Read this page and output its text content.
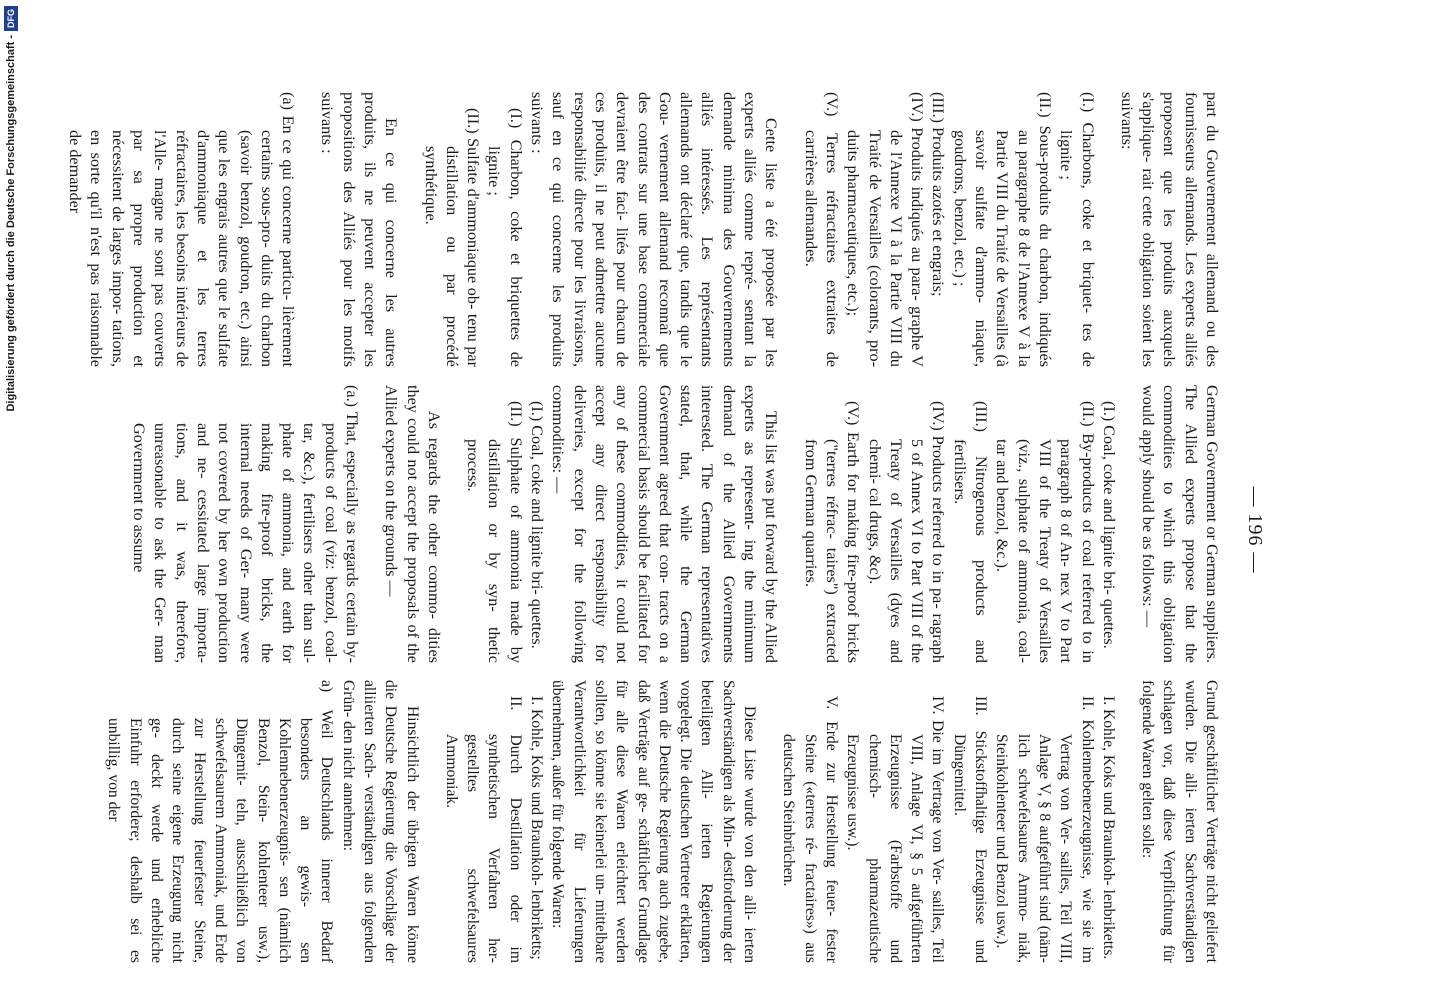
— 196 —

part du Gouvernement allemand ou des fournisseurs allemands. Les experts alliés proposent que les produits auxquels s'applique- rait cette obligation soient les suivants:

(I.) Charbons, coke et briquet- tes de lignite ;

(II.) Sous-produits du charbon, indiqués au paragraphe 8 de l'Annexe V à la Partie VIII du Traité de Versailles (à savoir sulfate d'ammo- niaque, goudrons, benzol, etc.) ;

(III.) Produits azotés et engrais;

(IV.) Produits indiqués au para- graphe V de l'Annexe VI à la Partie VIII du Traité de Versailles (colorants, pro- duits pharmaceutiques, etc.);

(V.) Terres réfractaires extraites de carrières allemandes.

Cette liste a été proposée par les experts alliés comme repré- sentant la demande minima des Gouvernements alliés intéressés. Les représentants allemands ont déclaré que, tandis que le Gou- vernement allemand reconnaî que des contrats sur une base commerciale devraient être faci- lités pour chacun de ces produits, il ne peut admettre aucune responsabilité directe pour les livraisons, sauf en ce qui concerne les produits suivants :

(I.) Charbon, coke et briquettes de lignite ;

(II.) Sulfate d'ammoniaque ob- tenu par distillation ou par procédé synthétique.

En ce qui concerne les autres produits, ils ne peuvent accepter les propositions des Alliés pour les motifs suivants :

(a) En ce qui concerne particu- lièrement certains sous-pro- duits du charbon (savoir benzol, goudron, etc.) ainsi que les engrais autres que le sulfate d'ammoniaque et les terres réfractaires, les besoins intérieurs de l'Alle- magne ne sont pas couverts par sa propre production et nécessitent de larges impor- tations, en sorte qu'il n'est pas raisonnable de demander

German Government or German suppliers. The Allied experts propose that the commodities to which this obligation would apply should be as follows: —

(I.) Coal, coke and lignite bri- quettes.

(II.) By-products of coal referred to in paragraph 8 of An- nex V to Part VIII of the Treaty of Versailles (viz., sulphate of ammonia, coal- tar and benzol, &c.).

(III.) Nitrogenous products and fertilisers.

(IV.) Products referred to in pa- ragraph 5 of Annex VI to Part VIII of the Treaty of Versailles (dyes and chemi- cal drugs, &c).

(V.) Earth for making fire-proof bricks ("terres réfrac- taires") extracted from German quarries.

This list was put forward by the Allied experts as represent- ing the minimum demand of the Allied Governments interested. The German representatives stated, that, while the German Government agreed that con- tracts on a commercial basis should be facilitated for any of these commodities, it could not accept any direct responsibility for deliveries, except for the following commodities: —

(I.) Coal, coke and lignite bri- quettes.

(II.) Sulphate of ammonia made by distillation or by syn- thetic process.

As regards the other commo- dities they could not accept the proposals of the Allied experts on the grounds —

(a.) That, especially as regards certain by-products of coal (viz: benzol, coal-tar, &c.), fertilisers other than sul- phate of ammonia, and earth for making fire-proof bricks, the internal needs of Ger- many were not covered by her own production and ne- cessitated large importa- tions, and it was, therefore, unreasonable to ask the Ger- man Government to assume

Grund geschäftlicher Verträge nicht geliefert wurden. Die alli- ierten Sachverständigen schlagen vor, daß diese Verpflichtung für folgende Waren gelten solle:

I. Kohle, Koks und Braunkoh- lenbriketts.

II. Kohlennebenerzeugnisse, wie sie im Vertrag von Ver- sailles, Teil VIII, Anlage V, § 8 aufgeführt sind (näm- lich schwefelsaures Ammo- niak, Steinkohlenteer und Benzol usw.).

III. Stickstoffhaltige Erzeugnisse und Düngemittel.

IV. Die im Vertrage von Ver- sailles, Teil VIII, Anlage VI, § 5 aufgeführten Erzeugnisse (Farbstoffe und chemisch- pharmazeutische Erzeugnisse usw.).

V. Erde zur Herstellung feuer- fester Steine («terres ré- fractaires») aus deutschen Steinbrüchen.

Diese Liste wurde von den alli- ierten Sachverständigen als Min- destforderung der beteiligten Alli- ierten Regierungen vorgelegt. Die deutschen Vertreter erklärten, wenn die Deutsche Regierung auch zugebe, daß Verträge auf ge- schäftlicher Grundlage für alle diese Waren erleichtert werden sollten, so könne sie keinerlei un- mittelbare Verantwortlichkeit für Lieferungen übernehmen, außer für folgende Waren:

I. Kohle, Koks und Braunkoh- lenbriketts;

II. Durch Destillation oder im synthetischen Verfahren her- gestelltes schwefelsaures Ammoniak.

Hinsichtlich der übrigen Waren könne die Deutsche Regierung die Vorschläge der alliierten Sach- verständigen aus folgenden Grün- den nicht annehmen:

a) Weil Deutschlands innerer Bedarf besonders an gewis- sen Kohlennebenerzeugnis- sen (nämlich Benzol, Stein- kohlenteer usw.), Düngemit- teln, ausschließlich von schwefelsaurem Ammoniak, und Erde zur Herstellung feuerfester Steine, durch seine eigene Erzeugung nicht ge- deckt werde und erhebliche Einfuhr erfordere; deshalb sei es unbillig, von der

Digitalisierung gefördert durch die Deutsche Forschungsgemeinschaft -DFG
